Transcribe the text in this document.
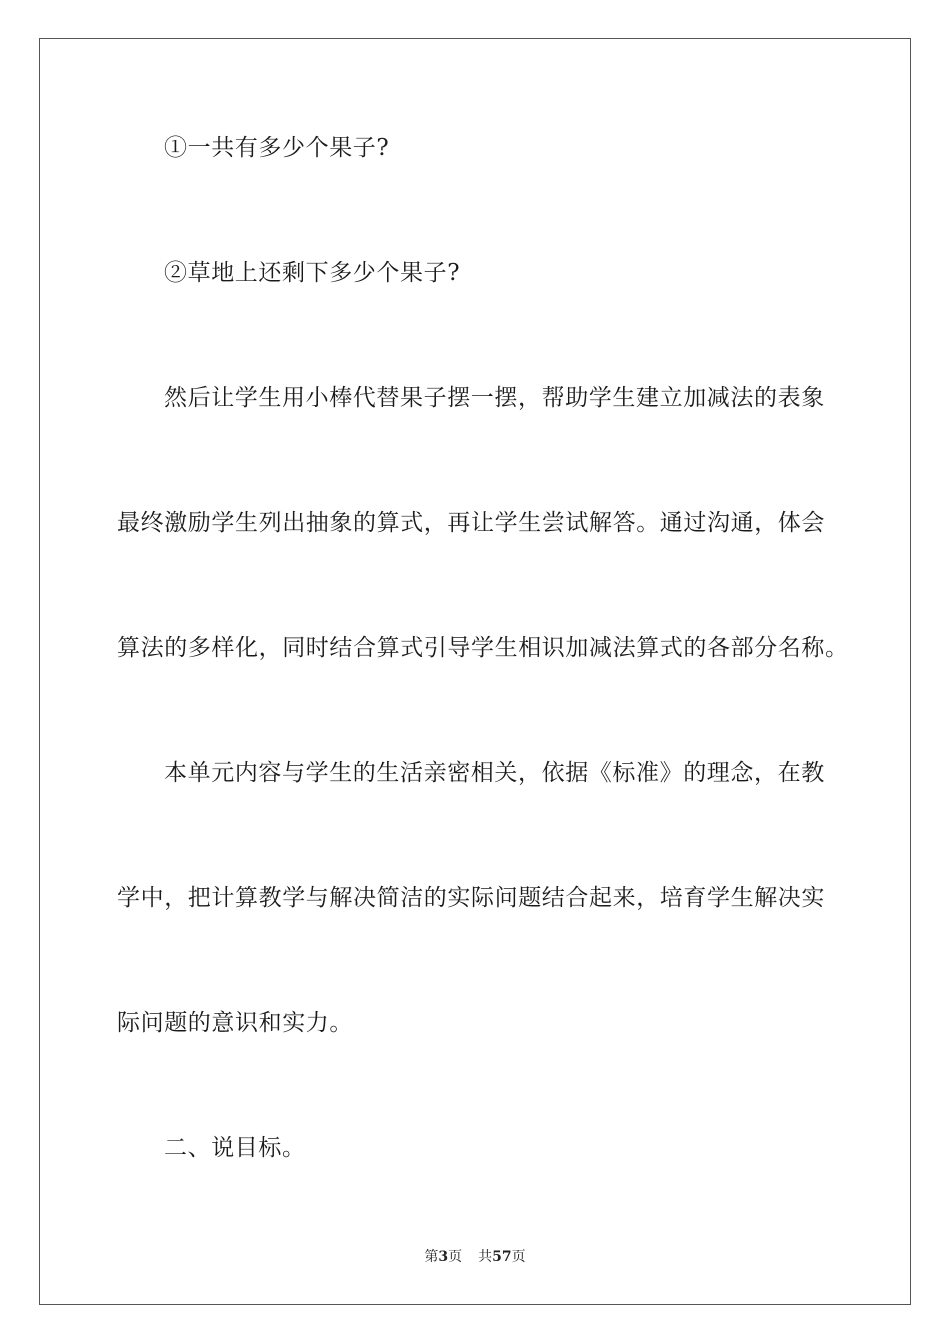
①一共有多少个果子?
②草地上还剩下多少个果子?
然后让学生用小棒代替果子摆一摆，帮助学生建立加减法的表象
最终激励学生列出抽象的算式，再让学生尝试解答。通过沟通，体会
算法的多样化，同时结合算式引导学生相识加减法算式的各部分名称。
本单元内容与学生的生活亲密相关，依据《标准》的理念，在教
学中，把计算教学与解决简洁的实际问题结合起来，培育学生解决实
际问题的意识和实力。
二、说目标。
第3页 共57页
